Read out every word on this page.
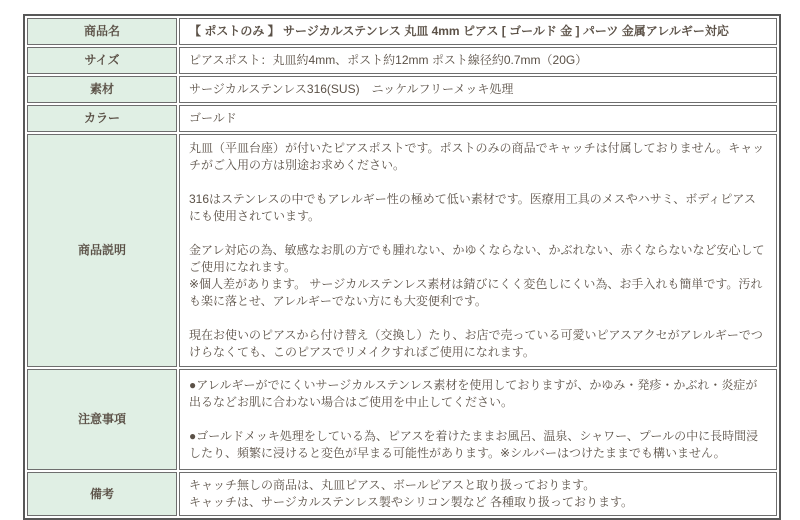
商品名	【 ポストのみ 】 サージカルステンレス 丸皿 4mm ピアス [ ゴールド 金 ] パーツ 金属アレルギー対応
サイズ	ピアスポスト：丸皿約4mm、ポスト約12mm ポスト線径約0.7mm（20G）
素材	サージカルステンレス316(SUS)　ニッケルフリーメッキ処理
カラー	ゴールド
商品説明	丸皿（平皿台座）が付いたピアスポストです。ポストのみの商品でキャッチは付属しておりません。キャッチがご入用の方は別途お求めください。

316はステンレスの中でもアレルギー性の極めて低い素材です。医療用工具のメスやハサミ、ボディピアスにも使用されています。

金アレ対応の為、敏感なお肌の方でも腫れない、かゆくならない、かぶれない、赤くならないなど安心してご使用になれます。
※個人差があります。 サージカルステンレス素材は錆びにくく変色しにくい為、お手入れも簡単です。汚れも楽に落とせ、アレルギーでない方にも大変便利です。

現在お使いのピアスから付け替え（交換し）たり、お店で売っている可愛いピアスアクセがアレルギーでつけらなくても、このピアスでリメイクすればご使用になれます。

注意事項	●アレルギーがでにくいサージカルステンレス素材を使用しておりますが、かゆみ・発疹・かぶれ・炎症が出るなどお肌に合わない場合はご使用を中止してください。

●ゴールドメッキ処理をしている為、ピアスを着けたままお風呂、温泉、シャワー、プールの中に長時間浸したり、頻繁に浸けると変色が早まる可能性があります。※シルバーはつけたままでも構いません。

備考	キャッチ無しの商品は、丸皿ピアス、ボールピアスと取り扱っております。
キャッチは、サージカルステンレス製やシリコン製など 各種取り扱っております。
